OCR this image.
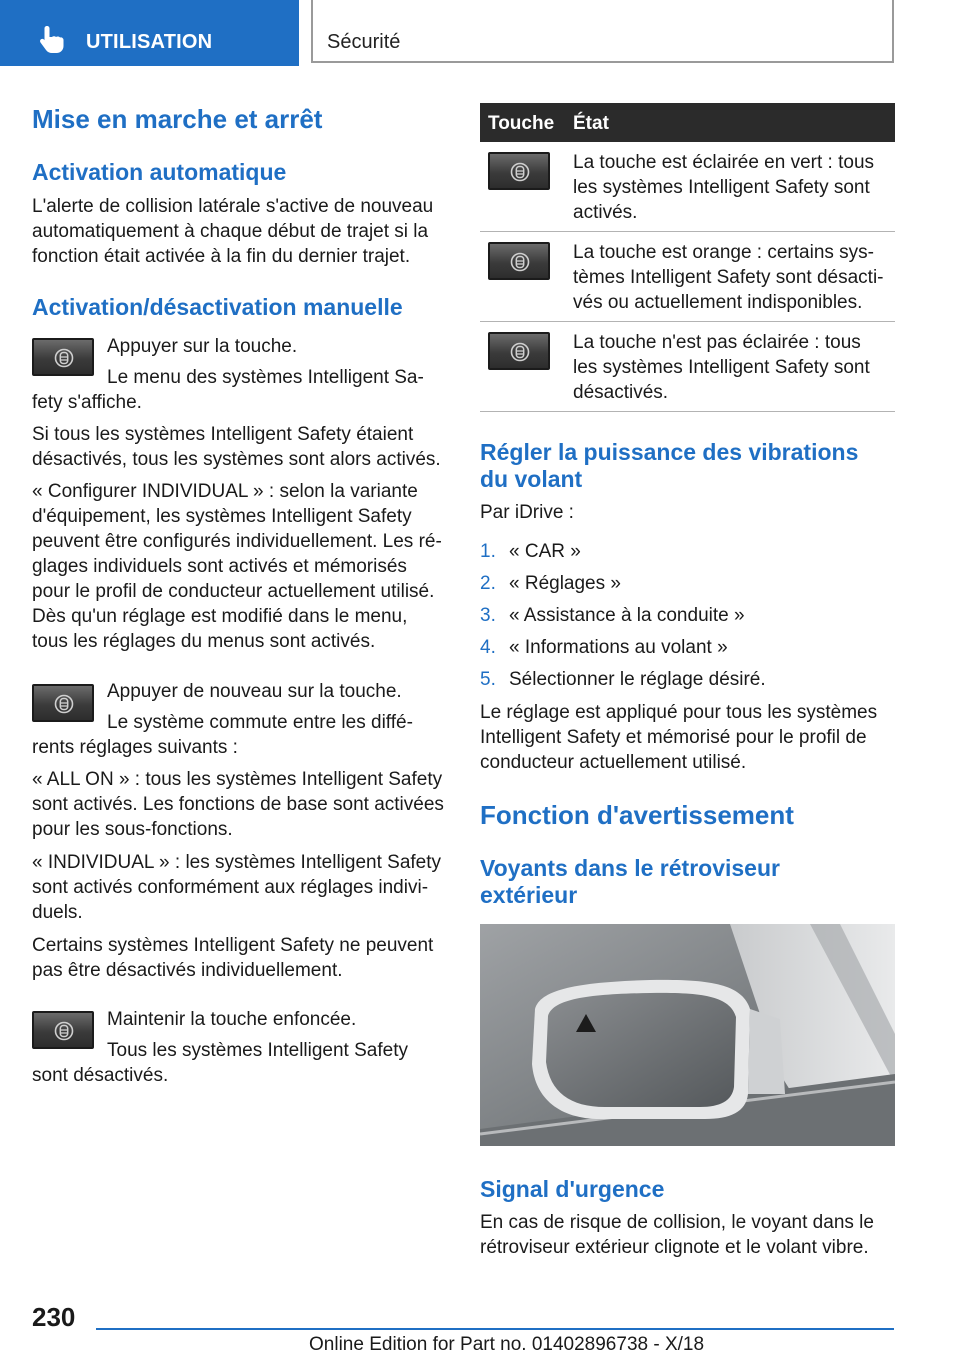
UTILISATION	Sécurité
Mise en marche et arrêt
Activation automatique

L'alerte de collision latérale s'active de nouveau

automatiquement à chaque début de trajet si la

fonction était activée à la fin du dernier trajet.

Activation/désactivation manuelle

Appuyer sur la touche.

Le menu des systèmes Intelligent Sa-

fety s'affiche.

Si tous les systèmes Intelligent Safety étaient

désactivés, tous les systèmes sont alors activés.

« Configurer INDIVIDUAL » : selon la variante

d'équipement, les systèmes Intelligent Safety

peuvent être configurés individuellement. Les ré-

glages individuels sont activés et mémorisés

pour le profil de conducteur actuellement utilisé.

Dès qu'un réglage est modifié dans le menu,

tous les réglages du menus sont activés.

Appuyer de nouveau sur la touche.

Le système commute entre les diffé-

rents réglages suivants :

« ALL ON » : tous les systèmes Intelligent Safety

sont activés. Les fonctions de base sont activées

pour les sous-fonctions.

« INDIVIDUAL » : les systèmes Intelligent Safety

sont activés conformément aux réglages indivi-

duels.

Certains systèmes Intelligent Safety ne peuvent

pas être désactivés individuellement.

Maintenir la touche enfoncée.

Tous les systèmes Intelligent Safety

sont désactivés.

Touche État
La touche est éclairée en vert : tous
les systèmes Intelligent Safety sont
activés.
La touche est orange : certains sys-
tèmes Intelligent Safety sont désacti-
vés ou actuellement indisponibles.
La touche n'est pas éclairée : tous
les systèmes Intelligent Safety sont
désactivés.
Régler la puissance des vibrations
du volant

Par iDrive :

1. « CAR »
2. « Réglages »
3. « Assistance à la conduite »
4. « Informations au volant »
5. Sélectionner le réglage désiré.

Le réglage est appliqué pour tous les systèmes

Intelligent Safety et mémorisé pour le profil de

conducteur actuellement utilisé.

Fonction d'avertissement
Voyants dans le rétroviseur
extérieur
Signal d'urgence

En cas de risque de collision, le voyant dans le

rétroviseur extérieur clignote et le volant vibre.

230
Online Edition for Part no. 01402896738 - X/18
